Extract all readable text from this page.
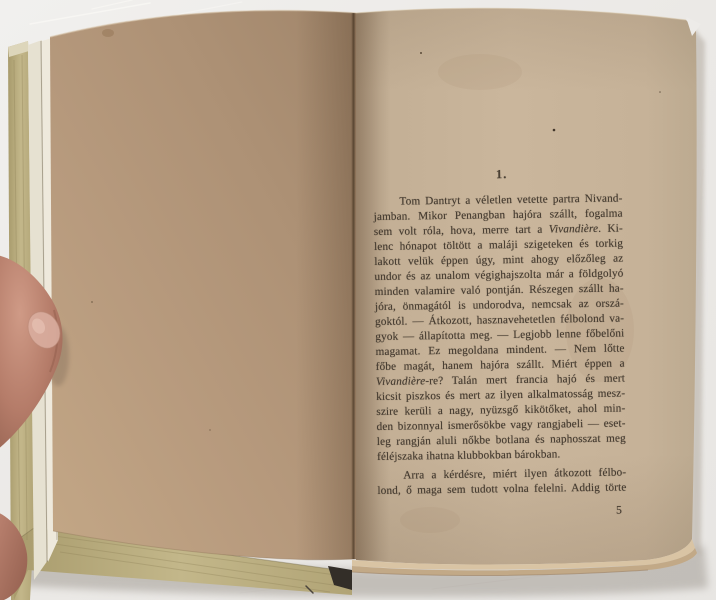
1.
Tom Dantryt a véletlen vetette partra Nivand-
jamban. Mikor Penangban hajóra szállt, fogalma
sem volt róla, hova, merre tart a Vivandière. Ki-
lenc hónapot töltött a maláji szigeteken és torkig
lakott velük éppen úgy, mint ahogy előzőleg az
undor és az unalom végighajszolta már a földgolyó
minden valamire való pontján. Részegen szállt ha-
jóra, önmagától is undorodva, nemcsak az orszá-
goktól. — Átkozott, hasznavehetetlen félbolond va-
gyok — állapította meg. — Legjobb lenne főbelőni
magamat. Ez megoldana mindent. — Nem lőtte
főbe magát, hanem hajóra szállt. Miért éppen a
Vivandière-re? Talán mert francia hajó és mert
kicsit piszkos és mert az ilyen alkalmatosság mesz-
szire kerüli a nagy, nyüzsgő kikötőket, ahol min-
den bizonnyal ismerősökbe vagy rangjabeli — eset-
leg rangján aluli nőkbe botlana és naphosszat meg
féléjszaka ihatna klubbokban bárokban.
Arra a kérdésre, miért ilyen átkozott félbo-
lond, ő maga sem tudott volna felelni. Addig törte
5
